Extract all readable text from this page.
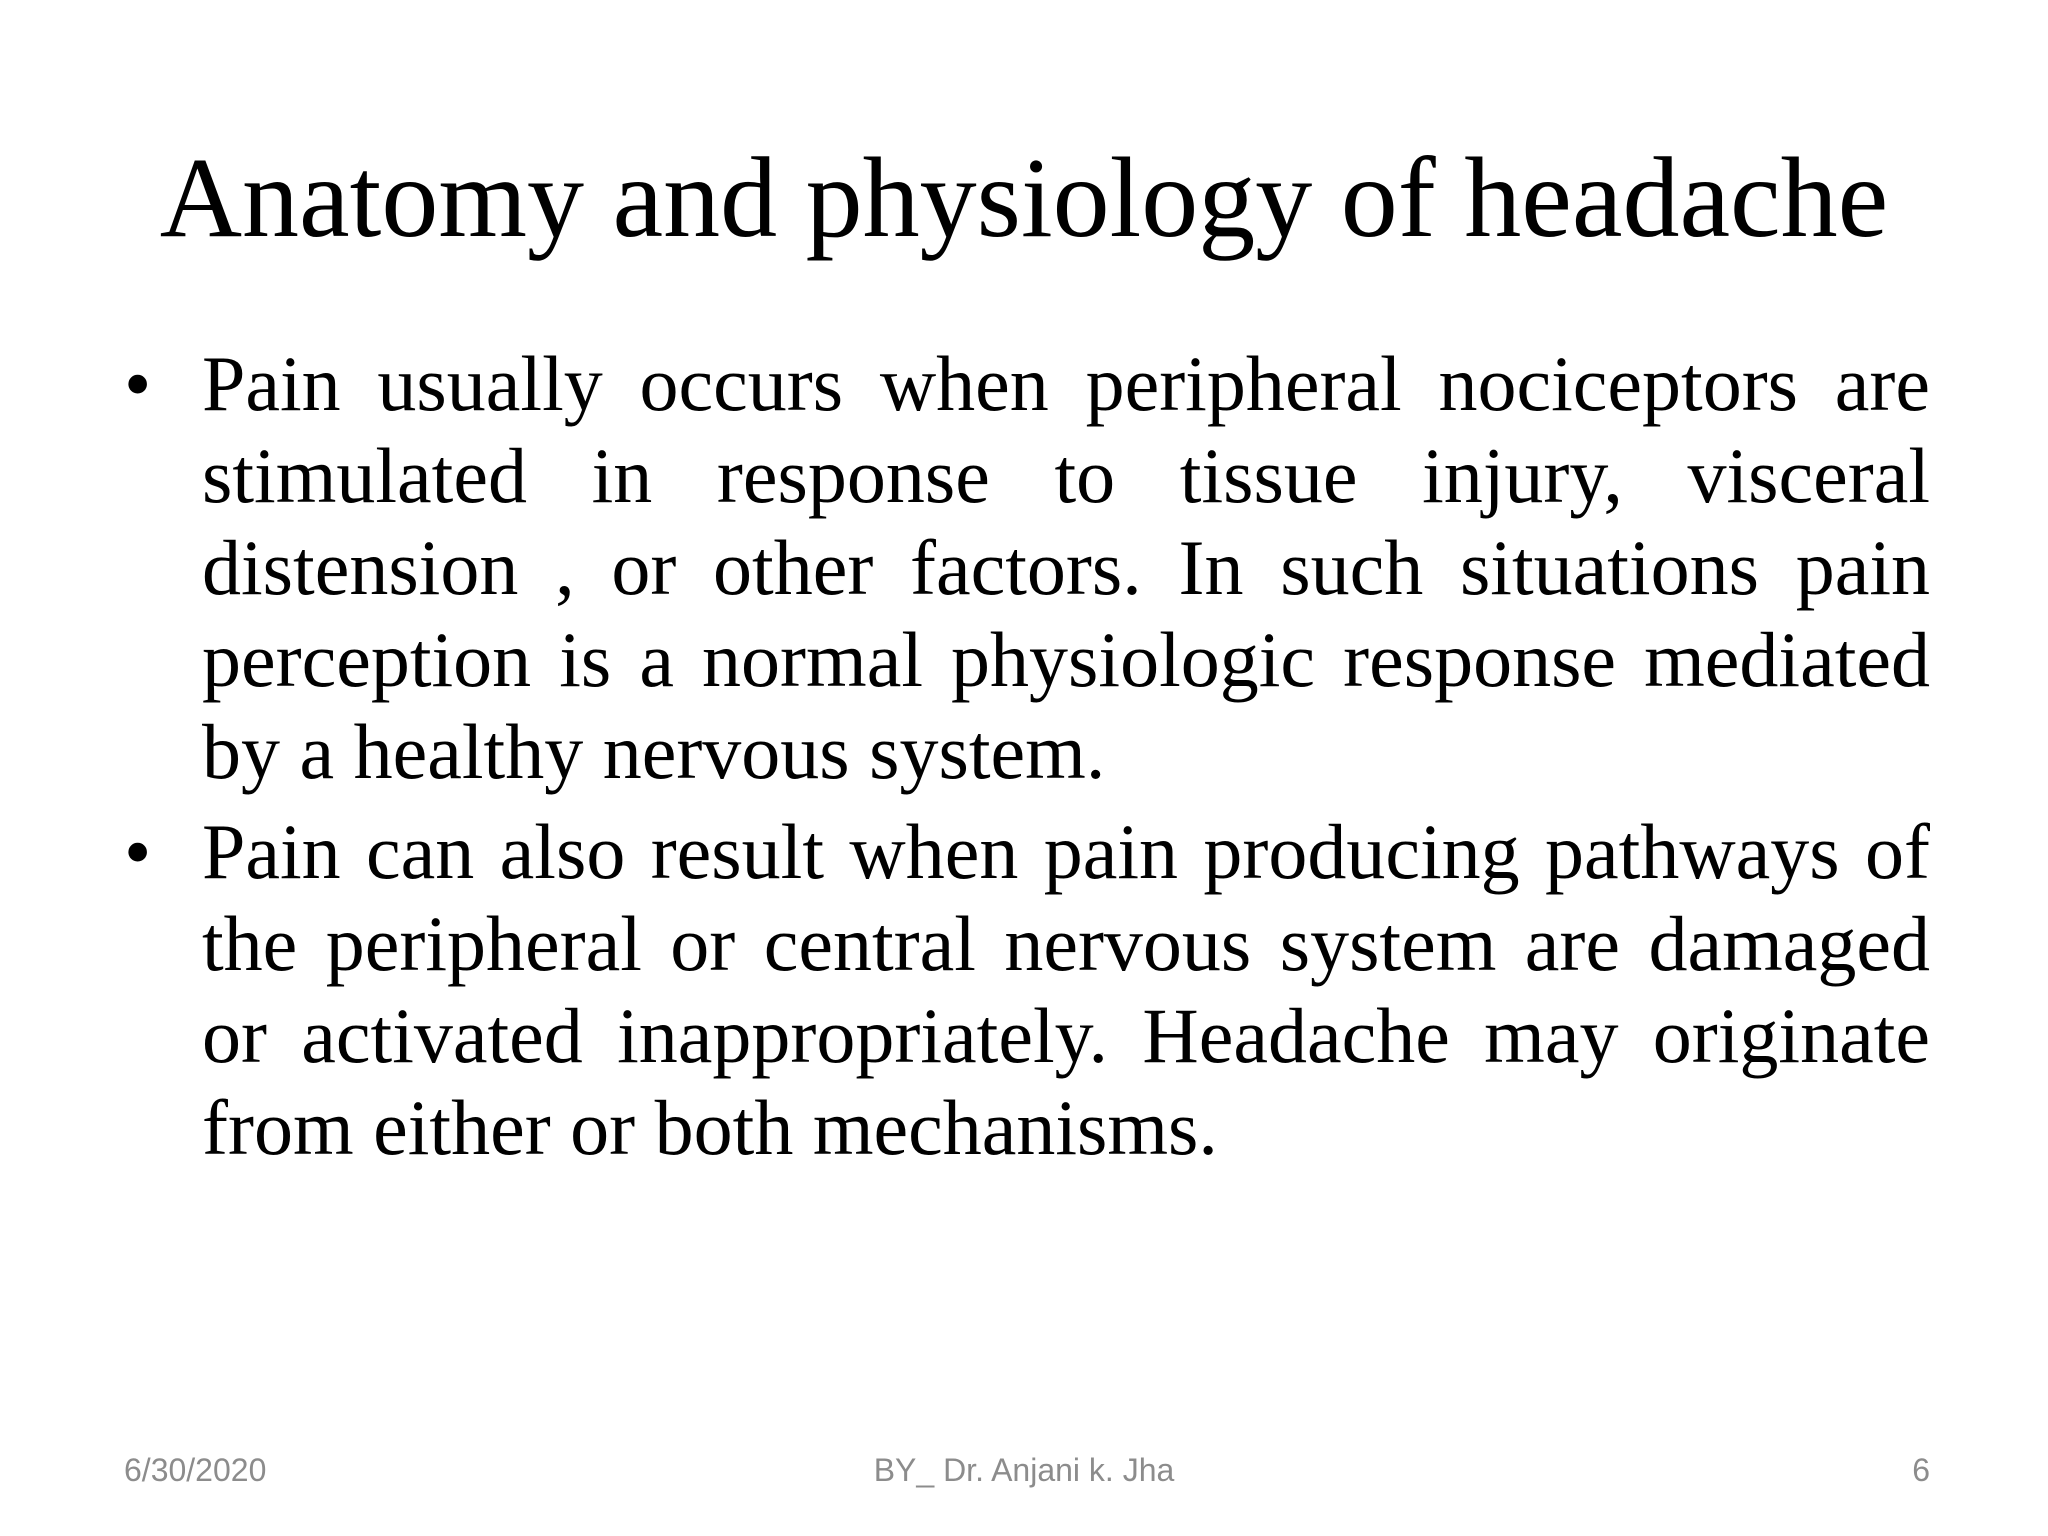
Anatomy and physiology of headache
• Pain usually occurs when peripheral nociceptors are stimulated in response to tissue injury, visceral distension , or other factors. In such situations pain perception is a normal physiologic response mediated by a healthy nervous system.
• Pain can also result when pain producing pathways of the peripheral or central nervous system are damaged or activated inappropriately. Headache may originate from either or both mechanisms.
6/30/2020	BY_ Dr. Anjani k. Jha	6
